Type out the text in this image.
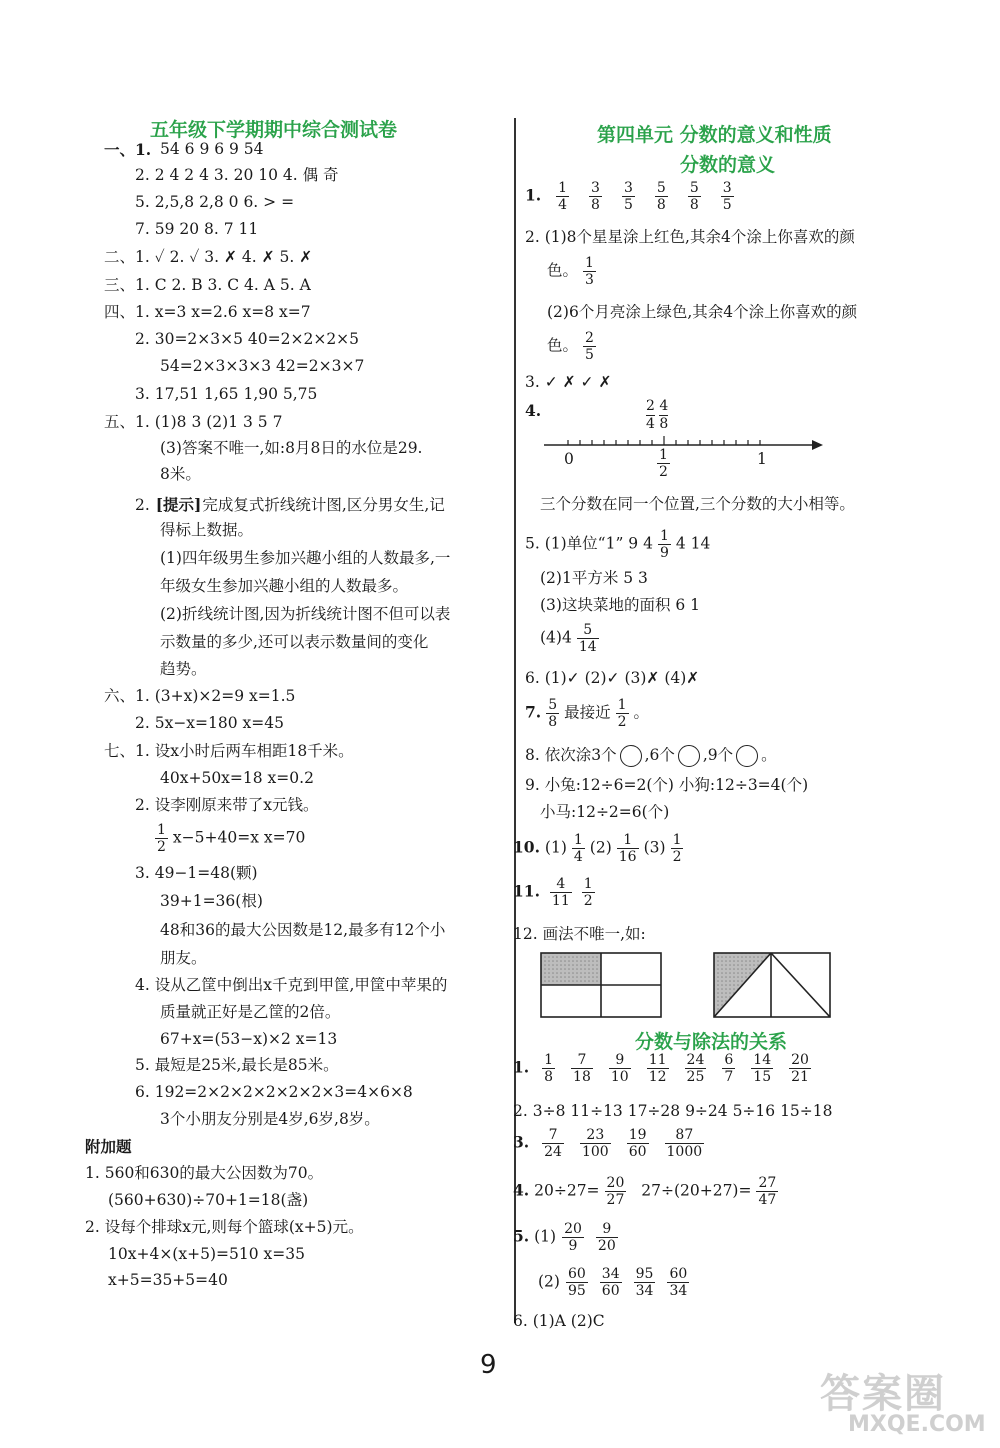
五年级下学期期中综合测试卷
一、1. 54 6 9 6 9 54
2. 2 4 2 4 3. 20 10 4. 偶 奇
5. 2,5,8 2,8 0 6. > =
7. 59 20 8. 7 11
二、1. ✓ 2. ✓ 3. ✗ 4. ✗ 5. ✗
三、1. C 2. B 3. C 4. A 5. A
四、1. x=3 x=2.6 x=8 x=7
2. 30=2×3×5 40=2×2×2×5
54=2×3×3×3 42=2×3×7
3. 17,51 1,65 1,90 5,75
五、1. (1)8 3 (2)1 3 5 7
(3)答案不唯一,如:8月8日的水位是29.
8米。
2. [提示]完成复式折线统计图,区分男女生,记
得标上数据。
(1)四年级男生参加兴趣小组的人数最多,一
年级女生参加兴趣小组的人数最多。
(2)折线统计图,因为折线统计图不但可以表
示数量的多少,还可以表示数量间的变化
趋势。
六、1. (3+x)×2=9 x=1.5
2. 5x−x=180 x=45
七、1. 设x小时后两车相距18千米。
40x+50x=18 x=0.2
2. 设李刚原来带了x元钱。
$\frac{1}{2} x-5+40=x$ x=70
3. 49−1=48(颗)
39+1=36(根)
48和36的最大公因数是12,最多有12个小
朋友。
4. 设从乙筐中倒出x千克到甲筐,甲筐中苹果的
质量就正好是乙筐的2倍。
67+x=(53−x)×2 x=13
5. 最短是25米,最长是85米。
6. 192=2×2×2×2×2×2×3=4×6×8
3个小朋友分别是4岁,6岁,8岁。
附加题
1. 560和630的最大公因数为70。
(560+630)÷70+1=18(盏)
2. 设每个排球x元,则每个篮球(x+5)元。
10x+4×(x+5)=510 x=35
x+5=35+5=40
第四单元 分数的意义和性质
分数的意义
1. $\frac{1}{4} \frac{3}{8} \frac{3}{5} \frac{5}{8} \frac{5}{8} \frac{3}{5}$
2. (1)8个星星涂上红色,其余4个涂上你喜欢的颜
色。 $\frac{1}{3}$
(2)6个月亮涂上绿色,其余4个涂上你喜欢的颜
色。 $\frac{2}{5}$
3. ✓ ✗ ✓ ✗
4.	$\frac{2}{4}$
$\frac{4}{8}$
0	1
$\frac{1}{2}$
三个分数在同一个位置,三个分数的大小相等。
5. (1)单位“1” 9 $4 \frac{1}{9} 4$ 14
(2)1平方米 5 3
(3)这块菜地的面积 6 1
$(4)4 \frac{5}{14}$
6. (1)✓ (2)✓ (3)✗ (4)✗
7. $\frac{5}{8}$ 最接近 $\frac{1}{2}$ 。
8. 依次涂3个 ,6个 ,9个 。
9. 小兔:12÷6=2(个) 小狗:12÷3=4(个)
小马:12÷2=6(个)
10. $(1) \frac{1}{4} (2) \frac{1}{16} (3) \frac{1}{2}$
11. $\frac{4}{11} \frac{1}{2}$
12. 画法不唯一,如:
分数与除法的关系
1. $\frac{1}{8} \frac{7}{18} \frac{9}{10} \frac{11}{12} \frac{24}{25} \frac{6}{7} \frac{14}{15} \frac{20}{21}$
2. 3÷8 11÷13 17÷28 9÷24 5÷16 15÷18
3. $\frac{7}{24} \frac{23}{100} \frac{19}{60} \frac{87}{1000}$
4. $20\div 27= \frac{20}{27} 27\div(20+27)= \frac{27}{47}$
5. $(1) \frac{20}{9} \frac{9}{20}$
$(2) \frac{60}{95} \frac{34}{60} \frac{95}{34} \frac{60}{34}$
6. (1)A (2)C
9
答案圈
MXQE.COM
